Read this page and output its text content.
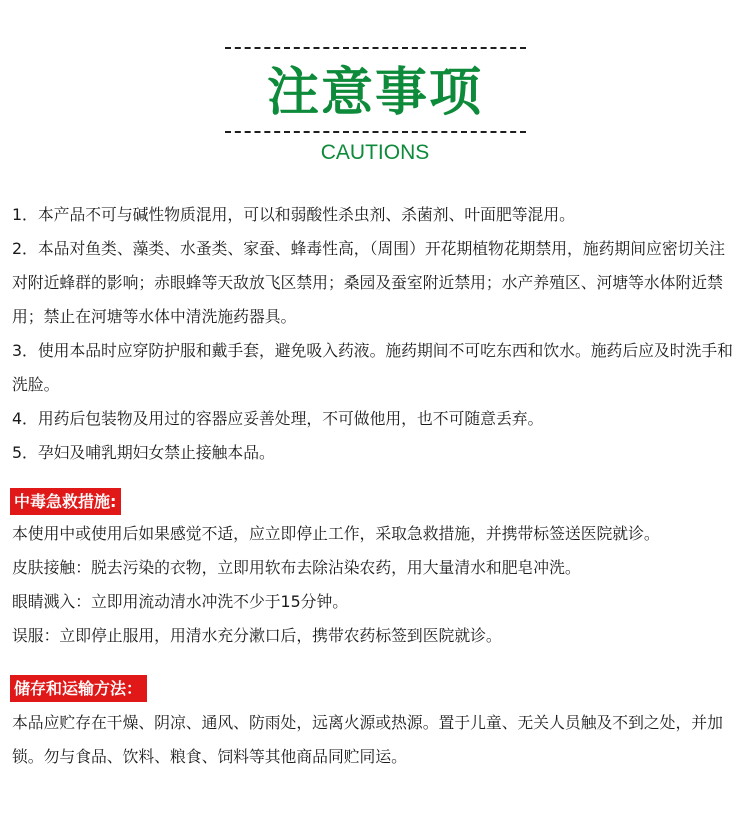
注意事项
CAUTIONS

1．本产品不可与碱性物质混用，可以和弱酸性杀虫剂、杀菌剂、叶面肥等混用。

2．本品对鱼类、藻类、水蚤类、家蚕、蜂毒性高，（周围）开花期植物花期禁用，施药期间应密切关注对附近蜂群的影响；赤眼蜂等天敌放飞区禁用；桑园及蚕室附近禁用；水产养殖区、河塘等水体附近禁用；禁止在河塘等水体中清洗施药器具。

3．使用本品时应穿防护服和戴手套，避免吸入药液。施药期间不可吃东西和饮水。施药后应及时洗手和洗脸。

4．用药后包装物及用过的容器应妥善处理，不可做他用，也不可随意丢弃。

5．孕妇及哺乳期妇女禁止接触本品。

中毒急救措施:

本使用中或使用后如果感觉不适，应立即停止工作，采取急救措施，并携带标签送医院就诊。

皮肤接触：脱去污染的衣物，立即用软布去除沾染农药，用大量清水和肥皂冲洗。

眼睛溅入：立即用流动清水冲洗不少于15分钟。

误服：立即停止服用，用清水充分漱口后，携带农药标签到医院就诊。

储存和运输方法：

本品应贮存在干燥、阴凉、通风、防雨处，远离火源或热源。置于儿童、无关人员触及不到之处，并加锁。勿与食品、饮料、粮食、饲料等其他商品同贮同运。
